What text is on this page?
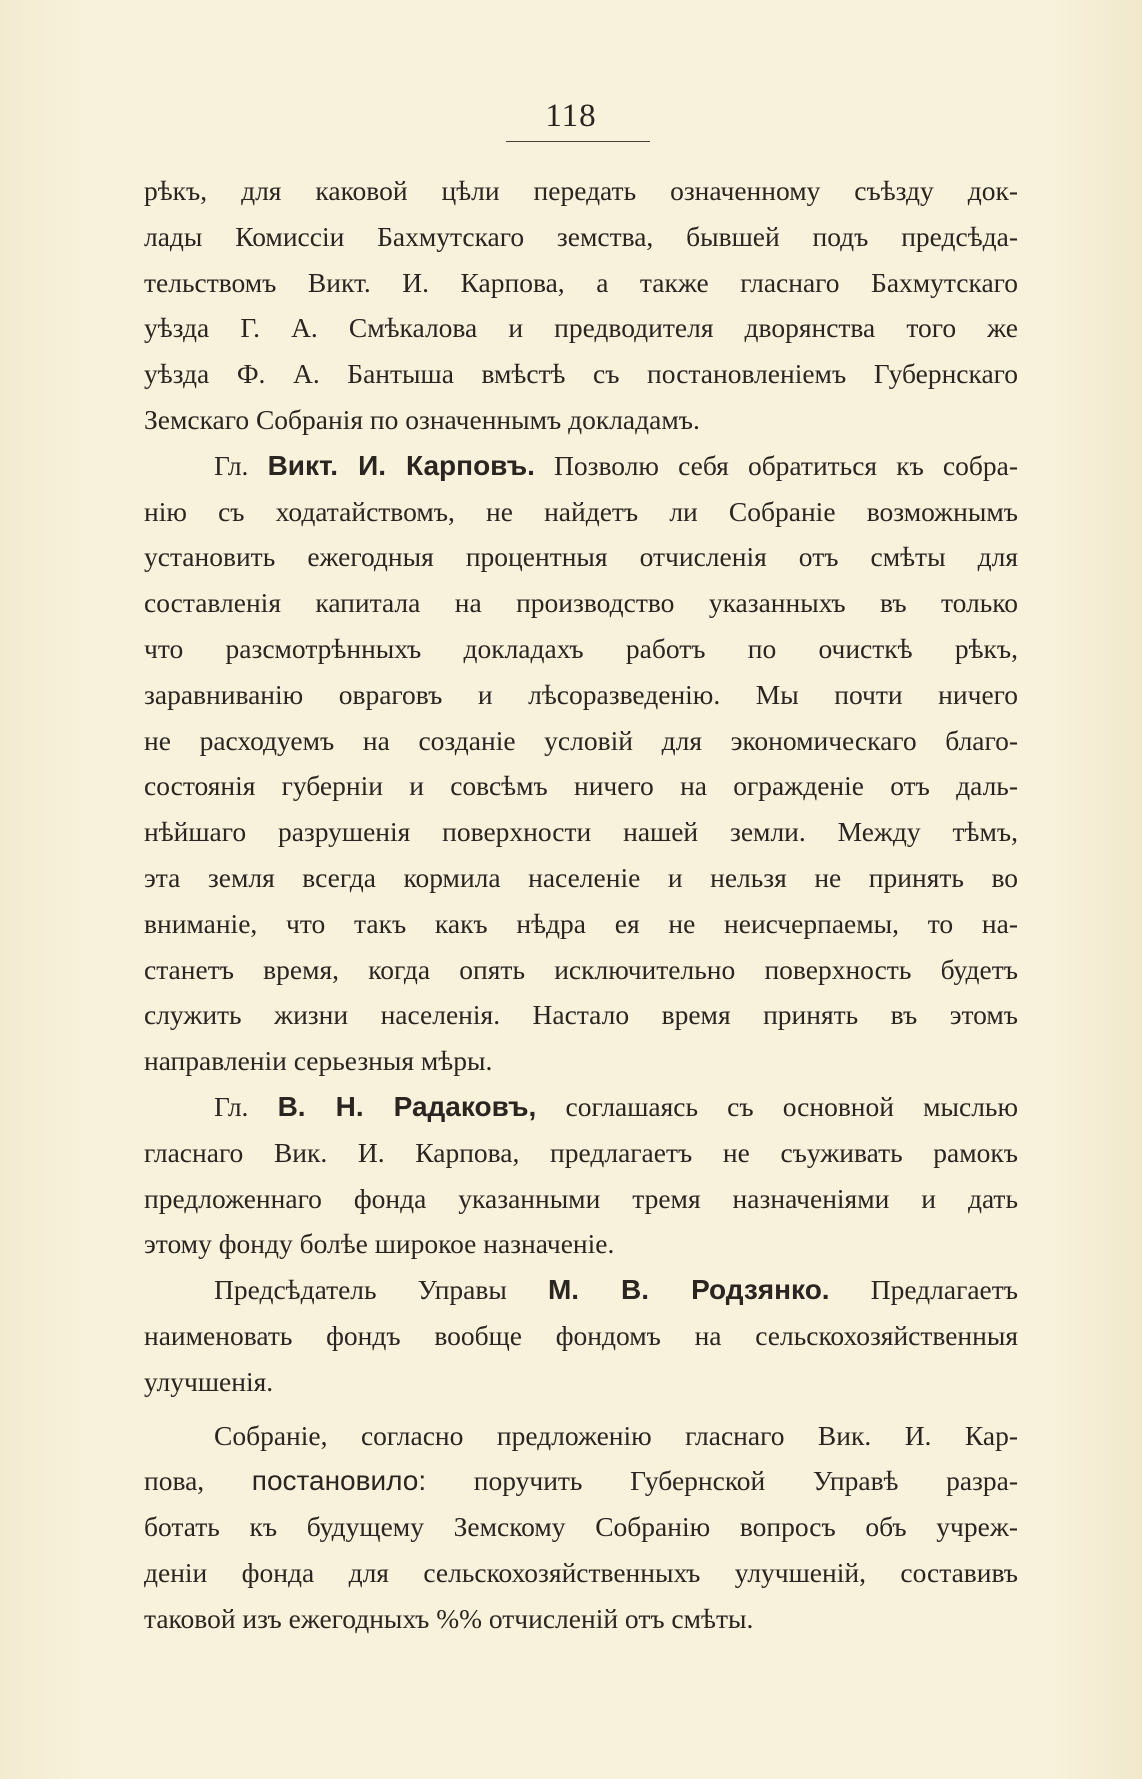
118
рѣкъ, для каковой цѣли передать означенному съѣзду док-
лады Комиссіи Бахмутскаго земства, бывшей подъ предсѣда-
тельствомъ Викт. И. Карпова, а также гласнаго Бахмутскаго
уѣзда Г. А. Смѣкалова и предводителя дворянства того же
уѣзда Ф. А. Бантыша вмѣстѣ съ постановленіемъ Губернскаго
Земскаго Собранія по означеннымъ докладамъ.
Гл. Викт. И. Карповъ. Позволю себя обратиться къ собра-
нію съ ходатайствомъ, не найдетъ ли Собраніе возможнымъ
установить ежегодныя процентныя отчисленія отъ смѣты для
составленія капитала на производство указанныхъ въ только
что разсмотрѣнныхъ докладахъ работъ по очисткѣ рѣкъ,
заравниванію овраговъ и лѣсоразведенію. Мы почти ничего
не расходуемъ на созданіе условій для экономическаго благо-
состоянія губерніи и совсѣмъ ничего на огражденіе отъ даль-
нѣйшаго разрушенія поверхности нашей земли. Между тѣмъ,
эта земля всегда кормила населеніе и нельзя не принять во
вниманіе, что такъ какъ нѣдра ея не неисчерпаемы, то на-
станетъ время, когда опять исключительно поверхность будетъ
служить жизни населенія. Настало время принять въ этомъ
направленіи серьезныя мѣры.
Гл. В. Н. Радаковъ, соглашаясь съ основной мыслью
гласнаго Вик. И. Карпова, предлагаетъ не съуживать рамокъ
предложеннаго фонда указанными тремя назначеніями и дать
этому фонду болѣе широкое назначеніе.
Предсѣдатель Управы М. В. Родзянко. Предлагаетъ
наименовать фондъ вообще фондомъ на сельскохозяйственныя
улучшенія.
Собраніе, согласно предложенію гласнаго Вик. И. Кар-
пова, постановило: поручить Губернской Управѣ разра-
ботать къ будущему Земскому Собранію вопросъ объ учреж-
деніи фонда для сельскохозяйственныхъ улучшеній, составивъ
таковой изъ ежегодныхъ %% отчисленій отъ смѣты.
